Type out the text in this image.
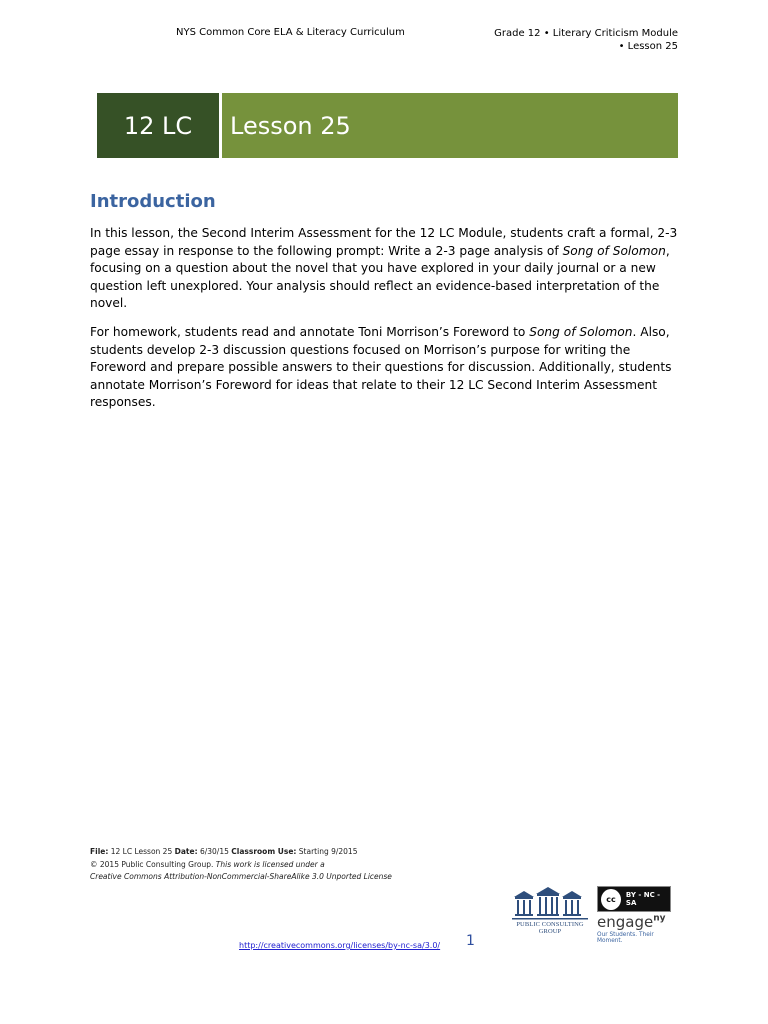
NYS Common Core ELA & Literacy Curriculum	Grade 12 • Literary Criticism Module
• Lesson 25
12 LC	Lesson 25
Introduction

In this lesson, the Second Interim Assessment for the 12 LC Module, students craft a formal, 2-3 page essay in response to the following prompt: Write a 2-3 page analysis of Song of Solomon, focusing on a question about the novel that you have explored in your daily journal or a new question left unexplored. Your analysis should reflect an evidence-based interpretation of the novel.

For homework, students read and annotate Toni Morrison’s Foreword to Song of Solomon. Also, students develop 2-3 discussion questions focused on Morrison’s purpose for writing the Foreword and prepare possible answers to their questions for discussion. Additionally, students annotate Morrison’s Foreword for ideas that relate to their 12 LC Second Interim Assessment responses.

File: 12 LC Lesson 25 Date: 6/30/15 Classroom Use: Starting 9/2015
© 2015 Public Consulting Group. This work is licensed under a
Creative Commons Attribution-NonCommercial-ShareAlike 3.0 Unported License
http://creativecommons.org/licenses/by-nc-sa/3.0/ 1
PUBLIC CONSULTING
GROUP
cc	BY - NC - SA
engage$^{ny}$
Our Students. Their Moment.
